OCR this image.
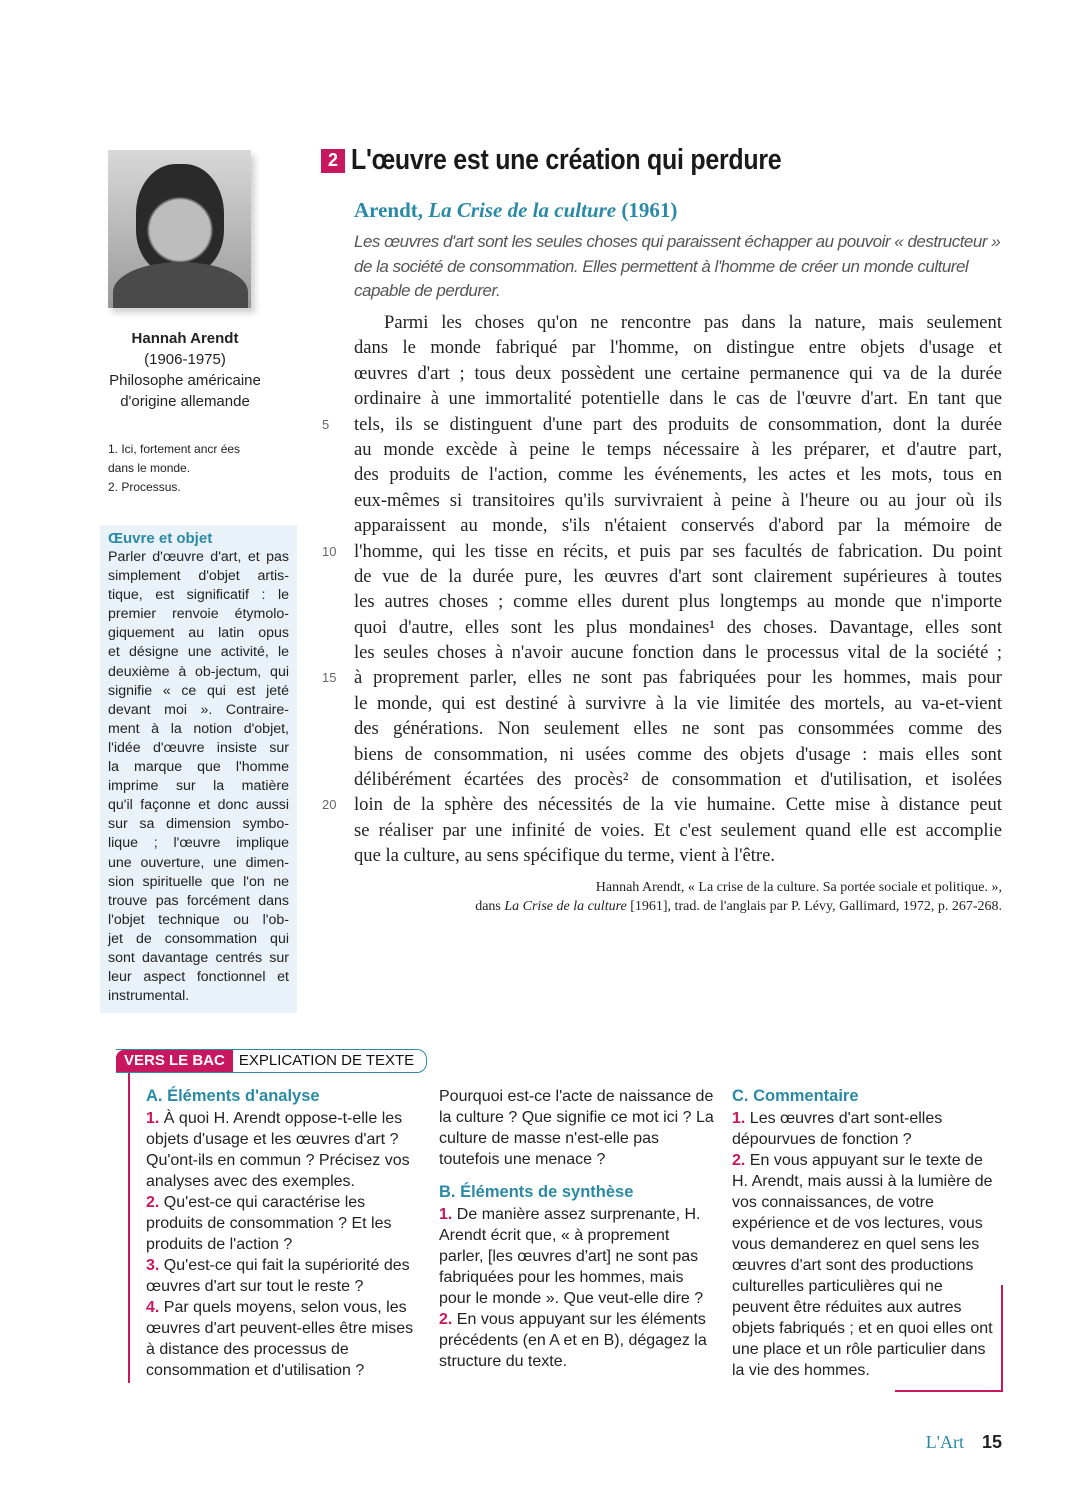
Hannah Arendt
(1906-1975)
Philosophe américaine
d'origine allemande
1. Ici, fortement ancr ées
dans le monde.
2. Processus.
Œuvre et objet
Parler d'œuvre d'art, et pas
simplement d'objet artis-
tique, est significatif : le
premier renvoie étymolo-
giquement au latin opus
et désigne une activité, le
deuxième à ob-jectum, qui
signifie « ce qui est jeté
devant moi ». Contraire-
ment à la notion d'objet,
l'idée d'œuvre insiste sur
la marque que l'homme
imprime sur la matière
qu'il façonne et donc aussi
sur sa dimension symbo-
lique ; l'œuvre implique
une ouverture, une dimen-
sion spirituelle que l'on ne
trouve pas forcément dans
l'objet technique ou l'ob-
jet de consommation qui
sont davantage centrés sur
leur aspect fonctionnel et
instrumental.
2 L'œuvre est une création qui perdure
Arendt, La Crise de la culture (1961)
Les œuvres d'art sont les seules choses qui paraissent échapper au pouvoir « destructeur » de la société de consommation. Elles permettent à l'homme de créer un monde culturel capable de perdurer.
Parmi les choses qu'on ne rencontre pas dans la nature, mais seulement
dans le monde fabriqué par l'homme, on distingue entre objets d'usage et
œuvres d'art ; tous deux possèdent une certaine permanence qui va de la durée
ordinaire à une immortalité potentielle dans le cas de l'œuvre d'art. En tant que
5 tels, ils se distinguent d'une part des produits de consommation, dont la durée
au monde excède à peine le temps nécessaire à les préparer, et d'autre part,
des produits de l'action, comme les événements, les actes et les mots, tous en
eux-mêmes si transitoires qu'ils survivraient à peine à l'heure ou au jour où ils
apparaissent au monde, s'ils n'étaient conservés d'abord par la mémoire de
10 l'homme, qui les tisse en récits, et puis par ses facultés de fabrication. Du point
de vue de la durée pure, les œuvres d'art sont clairement supérieures à toutes
les autres choses ; comme elles durent plus longtemps au monde que n'importe
quoi d'autre, elles sont les plus mondaines¹ des choses. Davantage, elles sont
les seules choses à n'avoir aucune fonction dans le processus vital de la société ;
15 à proprement parler, elles ne sont pas fabriquées pour les hommes, mais pour
le monde, qui est destiné à survivre à la vie limitée des mortels, au va-et-vient
des générations. Non seulement elles ne sont pas consommées comme des
biens de consommation, ni usées comme des objets d'usage : mais elles sont
délibérément écartées des procès² de consommation et d'utilisation, et isolées
20 loin de la sphère des nécessités de la vie humaine. Cette mise à distance peut
se réaliser par une infinité de voies. Et c'est seulement quand elle est accomplie
que la culture, au sens spécifique du terme, vient à l'être.
Hannah Arendt, « La crise de la culture. Sa portée sociale et politique. »,
dans La Crise de la culture [1961], trad. de l'anglais par P. Lévy, Gallimard, 1972, p. 267-268.
VERS LE BAC EXPLICATION DE TEXTE
A. Éléments d'analyse
1. À quoi H. Arendt oppose-t-elle les objets d'usage et les œuvres d'art ? Qu'ont-ils en commun ? Précisez vos analyses avec des exemples.
2. Qu'est-ce qui caractérise les produits de consommation ? Et les produits de l'action ?
3. Qu'est-ce qui fait la supériorité des œuvres d'art sur tout le reste ?
4. Par quels moyens, selon vous, les œuvres d'art peuvent-elles être mises à distance des processus de consommation et d'utilisation ?
Pourquoi est-ce l'acte de naissance de la culture ? Que signifie ce mot ici ? La culture de masse n'est-elle pas toutefois une menace ?
B. Éléments de synthèse
1. De manière assez surprenante, H. Arendt écrit que, « à proprement parler, [les œuvres d'art] ne sont pas fabriquées pour les hommes, mais pour le monde ». Que veut-elle dire ?
2. En vous appuyant sur les éléments précédents (en A et en B), dégagez la structure du texte.
C. Commentaire
1. Les œuvres d'art sont-elles dépourvues de fonction ?
2. En vous appuyant sur le texte de H. Arendt, mais aussi à la lumière de vos connaissances, de votre expérience et de vos lectures, vous vous demanderez en quel sens les œuvres d'art sont des productions culturelles particulières qui ne peuvent être réduites aux autres objets fabriqués ; et en quoi elles ont une place et un rôle particulier dans la vie des hommes.
L'Art 15
